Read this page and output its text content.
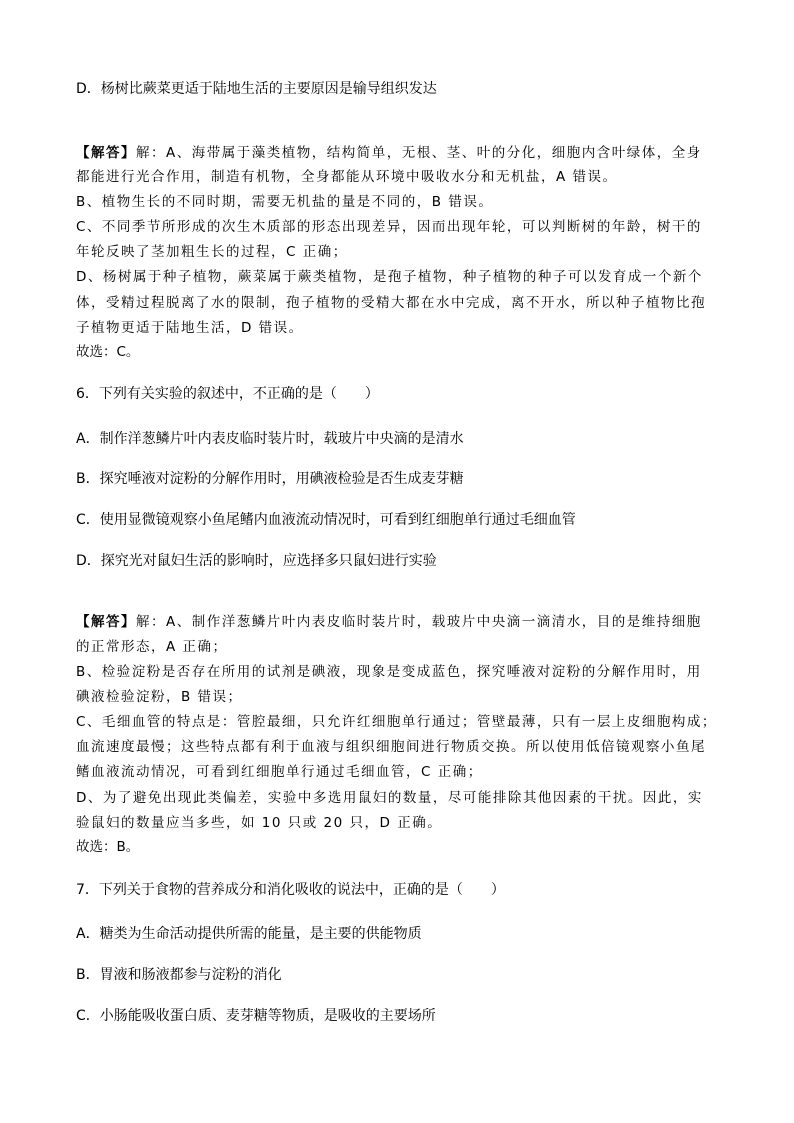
D．杨树比蕨菜更适于陆地生活的主要原因是输导组织发达
【解答】解：A、海带属于藻类植物，结构简单，无根、茎、叶的分化，细胞内含叶绿体，全身
都能进行光合作用，制造有机物，全身都能从环境中吸收水分和无机盐，A 错误。
B、植物生长的不同时期，需要无机盐的量是不同的，B 错误。
C、不同季节所形成的次生木质部的形态出现差异，因而出现年轮，可以判断树的年龄，树干的
年轮反映了茎加粗生长的过程，C 正确；
D、杨树属于种子植物，蕨菜属于蕨类植物，是孢子植物，种子植物的种子可以发育成一个新个
体，受精过程脱离了水的限制，孢子植物的受精大都在水中完成，离不开水，所以种子植物比孢
子植物更适于陆地生活，D 错误。
故选：C。
6．下列有关实验的叙述中，不正确的是（　　）
A．制作洋葱鳞片叶内表皮临时装片时，载玻片中央滴的是清水
B．探究唾液对淀粉的分解作用时，用碘液检验是否生成麦芽糖
C．使用显微镜观察小鱼尾鳍内血液流动情况时，可看到红细胞单行通过毛细血管
D．探究光对鼠妇生活的影响时，应选择多只鼠妇进行实验
【解答】解：A、制作洋葱鳞片叶内表皮临时装片时，载玻片中央滴一滴清水，目的是维持细胞
的正常形态，A 正确；
B、检验淀粉是否存在所用的试剂是碘液，现象是变成蓝色，探究唾液对淀粉的分解作用时，用
碘液检验淀粉，B 错误；
C、毛细血管的特点是：管腔最细，只允许红细胞单行通过；管壁最薄，只有一层上皮细胞构成；
血流速度最慢；这些特点都有利于血液与组织细胞间进行物质交换。所以使用低倍镜观察小鱼尾
鳍血液流动情况，可看到红细胞单行通过毛细血管，C 正确；
D、为了避免出现此类偏差，实验中多选用鼠妇的数量，尽可能排除其他因素的干扰。因此，实
验鼠妇的数量应当多些，如 10 只或 20 只，D 正确。
故选：B。
7．下列关于食物的营养成分和消化吸收的说法中，正确的是（　　）
A．糖类为生命活动提供所需的能量，是主要的供能物质
B．胃液和肠液都参与淀粉的消化
C．小肠能吸收蛋白质、麦芽糖等物质，是吸收的主要场所
